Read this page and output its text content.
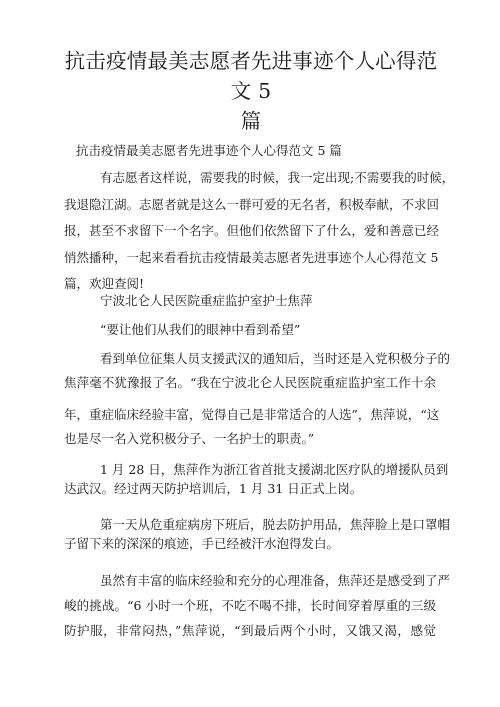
抗击疫情最美志愿者先进事迹个人心得范文 5
篇
抗击疫情最美志愿者先进事迹个人心得范文 5 篇
有志愿者这样说，需要我的时候，我一定出现;不需要我的时候，
我退隐江湖。志愿者就是这么一群可爱的无名者，积极奉献，不求回
报，甚至不求留下一个名字。但他们依然留下了什么，爱和善意已经
悄然播种，一起来看看抗击疫情最美志愿者先进事迹个人心得范文 5
篇，欢迎查阅!
宁波北仑人民医院重症监护室护士焦萍
“要让他们从我们的眼神中看到希望”
看到单位征集人员支援武汉的通知后，当时还是入党积极分子的
焦萍毫不犹豫报了名。“我在宁波北仑人民医院重症监护室工作十余
年，重症临床经验丰富，觉得自己是非常适合的人选”，焦萍说，“这
也是尽一名入党积极分子、一名护士的职责。”
1 月 28 日，焦萍作为浙江省首批支援湖北医疗队的增援队员到
达武汉。经过两天防护培训后，1 月 31 日正式上岗。
第一天从危重症病房下班后，脱去防护用品，焦萍脸上是口罩帽
子留下来的深深的痕迹，手已经被汗水泡得发白。
虽然有丰富的临床经验和充分的心理准备，焦萍还是感受到了严
峻的挑战。“6 小时一个班，不吃不喝不排，长时间穿着厚重的三级
防护服，非常闷热，”焦萍说，“到最后两个小时，又饿又渴，感觉
